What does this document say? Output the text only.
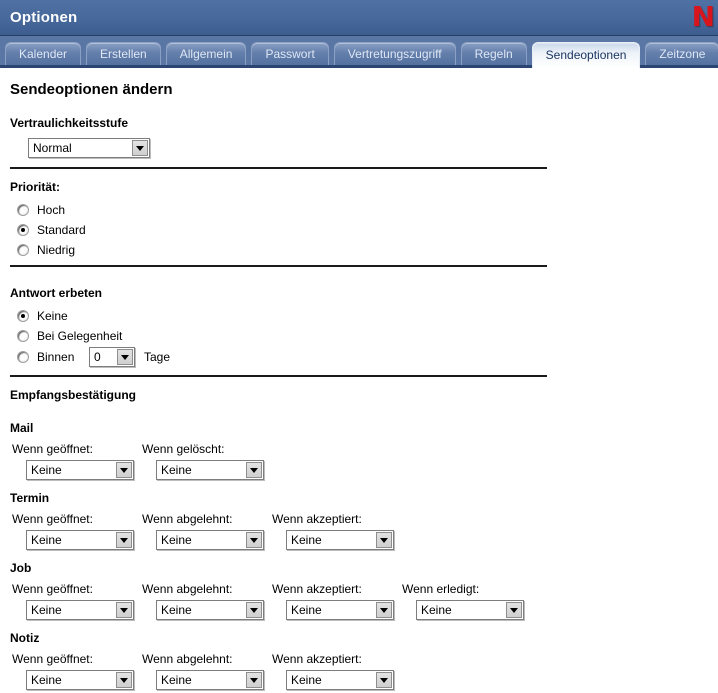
Optionen	N
Kalender	Erstellen	Allgemein	Passwort	Vertretungszugriff	Regeln	Sendeoptionen	Zeitzone
Sendeoptionen ändern
Vertraulichkeitsstufe
Normal
Priorität:
Hoch
Standard
Niedrig
Antwort erbeten
Keine
Bei Gelegenheit
Binnen	0	Tage
Empfangsbestätigung
Mail
Wenn geöffnet:
Keine
Wenn gelöscht:
Keine
Termin
Wenn geöffnet:
Keine
Wenn abgelehnt:
Keine
Wenn akzeptiert:
Keine
Job
Wenn geöffnet:
Keine
Wenn abgelehnt:
Keine
Wenn akzeptiert:
Keine
Wenn erledigt:
Keine
Notiz
Wenn geöffnet:
Keine
Wenn abgelehnt:
Keine
Wenn akzeptiert:
Keine
